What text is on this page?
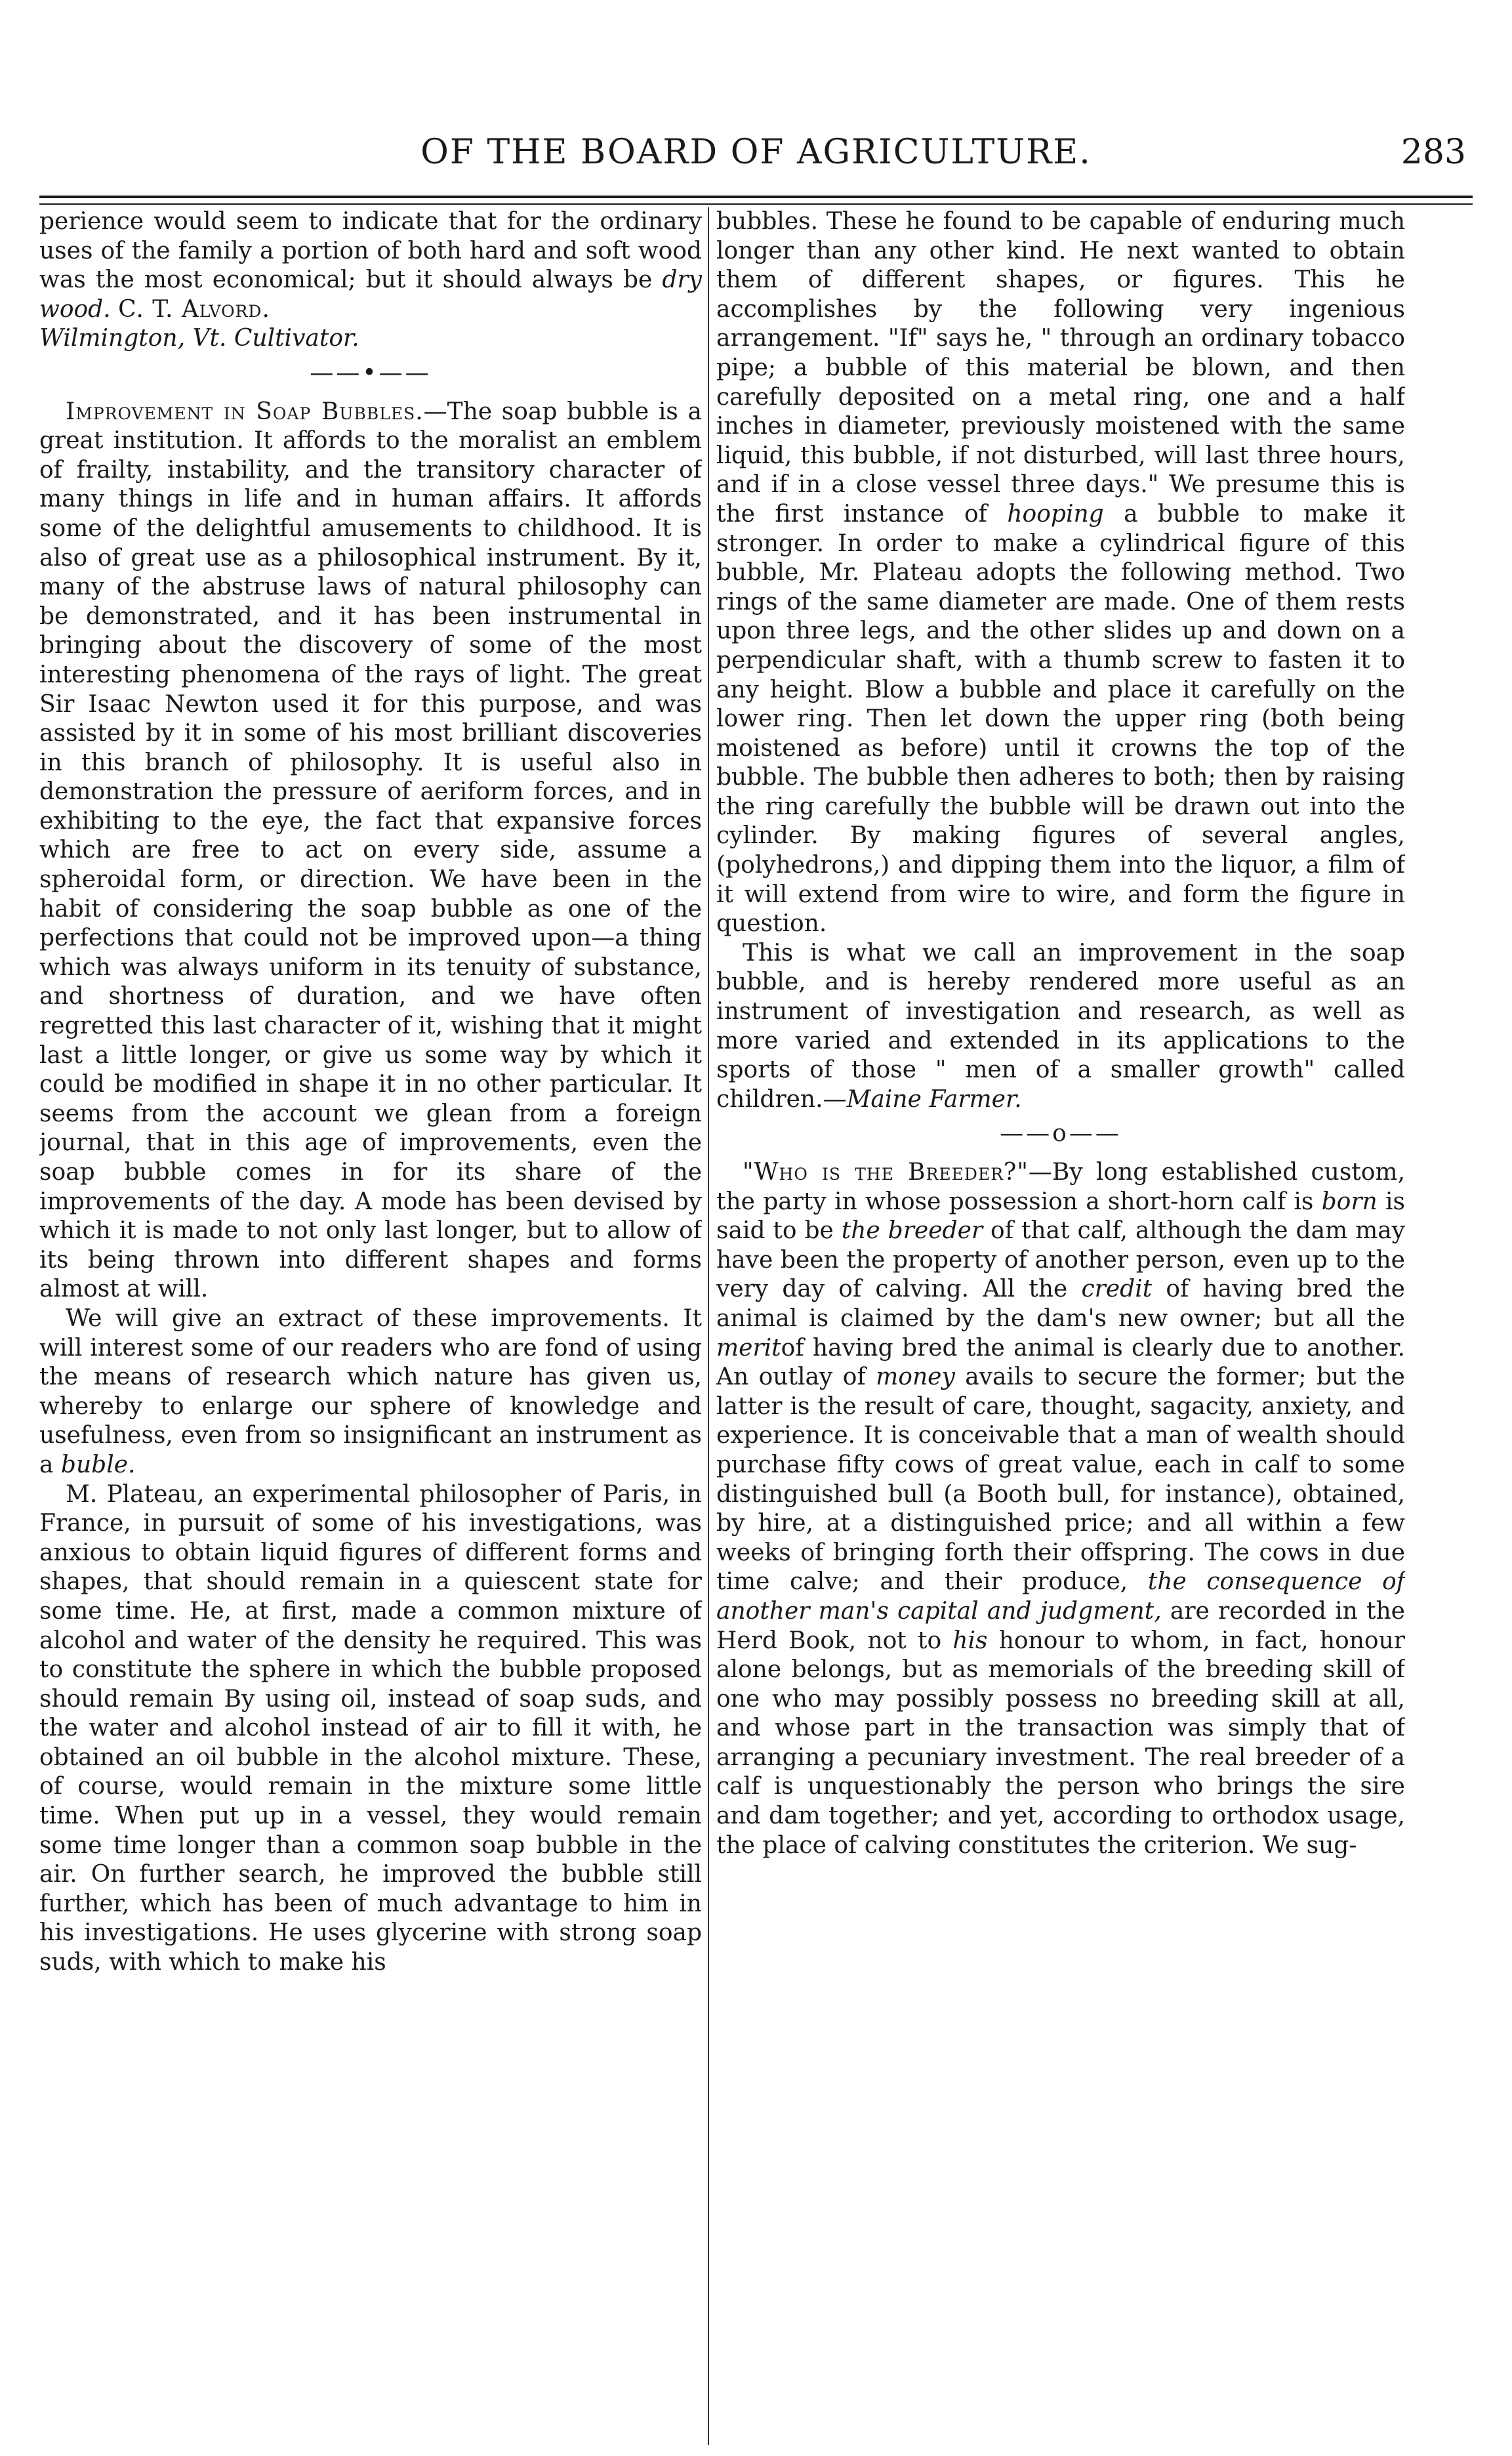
OF THE BOARD OF AGRICULTURE.	283

perience would seem to indicate that for the ordinary uses of the family a portion of both hard and soft wood was the most economical; but it should always be dry wood. C. T. Alvord.

Wilmington, Vt. Cultivator.

——•——

Improvement in Soap Bubbles.—The soap bubble is a great institution. It affords to the moralist an emblem of frailty, instability, and the transitory character of many things in life and in human affairs. It affords some of the delightful amusements to childhood. It is also of great use as a philosophical instrument. By it, many of the abstruse laws of natural philosophy can be demonstrated, and it has been instrumental in bringing about the discovery of some of the most interesting phenomena of the rays of light. The great Sir Isaac Newton used it for this purpose, and was assisted by it in some of his most brilliant discoveries in this branch of philosophy. It is useful also in demonstration the pressure of aeriform forces, and in exhibiting to the eye, the fact that expansive forces which are free to act on every side, assume a spheroidal form, or direction. We have been in the habit of considering the soap bubble as one of the perfections that could not be improved upon—a thing which was always uniform in its tenuity of substance, and shortness of duration, and we have often regretted this last character of it, wishing that it might last a little longer, or give us some way by which it could be modified in shape it in no other particular. It seems from the account we glean from a foreign journal, that in this age of improvements, even the soap bubble comes in for its share of the improvements of the day. A mode has been devised by which it is made to not only last longer, but to allow of its being thrown into different shapes and forms almost at will.

We will give an extract of these improvements. It will interest some of our readers who are fond of using the means of research which nature has given us, whereby to enlarge our sphere of knowledge and usefulness, even from so insignificant an instrument as a buble.

M. Plateau, an experimental philosopher of Paris, in France, in pursuit of some of his investigations, was anxious to obtain liquid figures of different forms and shapes, that should remain in a quiescent state for some time. He, at first, made a common mixture of alcohol and water of the density he required. This was to constitute the sphere in which the bubble proposed should remain By using oil, instead of soap suds, and the water and alcohol instead of air to fill it with, he obtained an oil bubble in the alcohol mixture. These, of course, would remain in the mixture some little time. When put up in a vessel, they would remain some time longer than a common soap bubble in the air. On further search, he improved the bubble still further, which has been of much advantage to him in his investigations. He uses glycerine with strong soap suds, with which to make his

bubbles. These he found to be capable of enduring much longer than any other kind. He next wanted to obtain them of different shapes, or figures. This he accomplishes by the following very ingenious arrangement. "If" says he, " through an ordinary tobacco pipe; a bubble of this material be blown, and then carefully deposited on a metal ring, one and a half inches in diameter, previously moistened with the same liquid, this bubble, if not disturbed, will last three hours, and if in a close vessel three days." We presume this is the first instance of hooping a bubble to make it stronger. In order to make a cylindrical figure of this bubble, Mr. Plateau adopts the following method. Two rings of the same diameter are made. One of them rests upon three legs, and the other slides up and down on a perpendicular shaft, with a thumb screw to fasten it to any height. Blow a bubble and place it carefully on the lower ring. Then let down the upper ring (both being moistened as before) until it crowns the top of the bubble. The bubble then adheres to both; then by raising the ring carefully the bubble will be drawn out into the cylinder. By making figures of several angles, (polyhedrons,) and dipping them into the liquor, a film of it will extend from wire to wire, and form the figure in question.

This is what we call an improvement in the soap bubble, and is hereby rendered more useful as an instrument of investigation and research, as well as more varied and extended in its applications to the sports of those " men of a smaller growth" called children.—Maine Farmer.

——o——

"Who is the Breeder?"—By long established custom, the party in whose possession a short-horn calf is born is said to be the breeder of that calf, although the dam may have been the property of another person, even up to the very day of calving. All the credit of having bred the animal is claimed by the dam's new owner; but all the meritof having bred the animal is clearly due to another. An outlay of money avails to secure the former; but the latter is the result of care, thought, sagacity, anxiety, and experience. It is conceivable that a man of wealth should purchase fifty cows of great value, each in calf to some distinguished bull (a Booth bull, for instance), obtained, by hire, at a distinguished price; and all within a few weeks of bringing forth their offspring. The cows in due time calve; and their produce, the consequence of another man's capital and judgment, are recorded in the Herd Book, not to his honour to whom, in fact, honour alone belongs, but as memorials of the breeding skill of one who may possibly possess no breeding skill at all, and whose part in the transaction was simply that of arranging a pecuniary investment. The real breeder of a calf is unquestionably the person who brings the sire and dam together; and yet, according to orthodox usage, the place of calving constitutes the criterion. We sug-
